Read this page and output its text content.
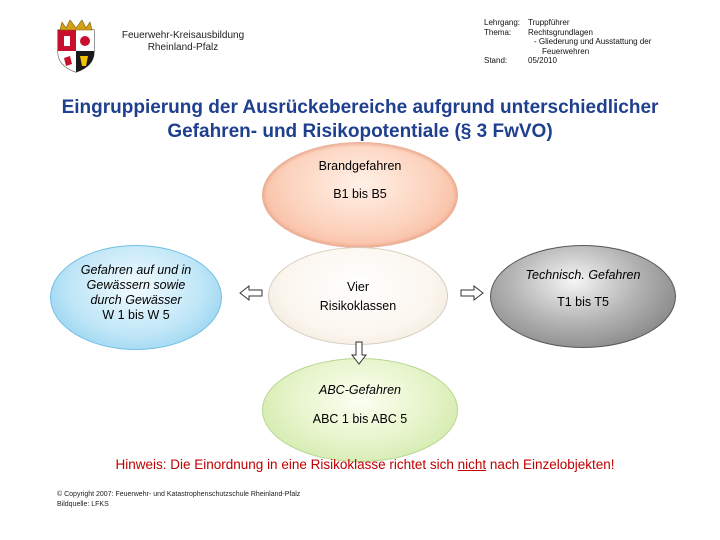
Feuerwehr-Kreisausbildung
Rheinland-Pfalz
Lehrgang: Truppführer
Thema:	Rechtsgrundlagen
- Gliederung und Ausstattung der
Feuerwehren
Stand:	05/2010
Eingruppierung der Ausrückebereiche aufgrund unterschiedlicher
Gefahren- und Risikopotentiale (§ 3 FwVO)
Brandgefahren
B1 bis B5
Gefahren auf und in
Gewässern sowie
durch Gewässer
W 1 bis W 5
Vier
Risikoklassen
Technisch. Gefahren
T1 bis T5
ABC-Gefahren
ABC 1 bis ABC 5
Hinweis: Die Einordnung in eine Risikoklasse richtet sich nicht nach Einzelobjekten!
© Copyright 2007: Feuerwehr- und Katastrophenschutzschule Rheinland-Pfalz
Bildquelle: LFKS
